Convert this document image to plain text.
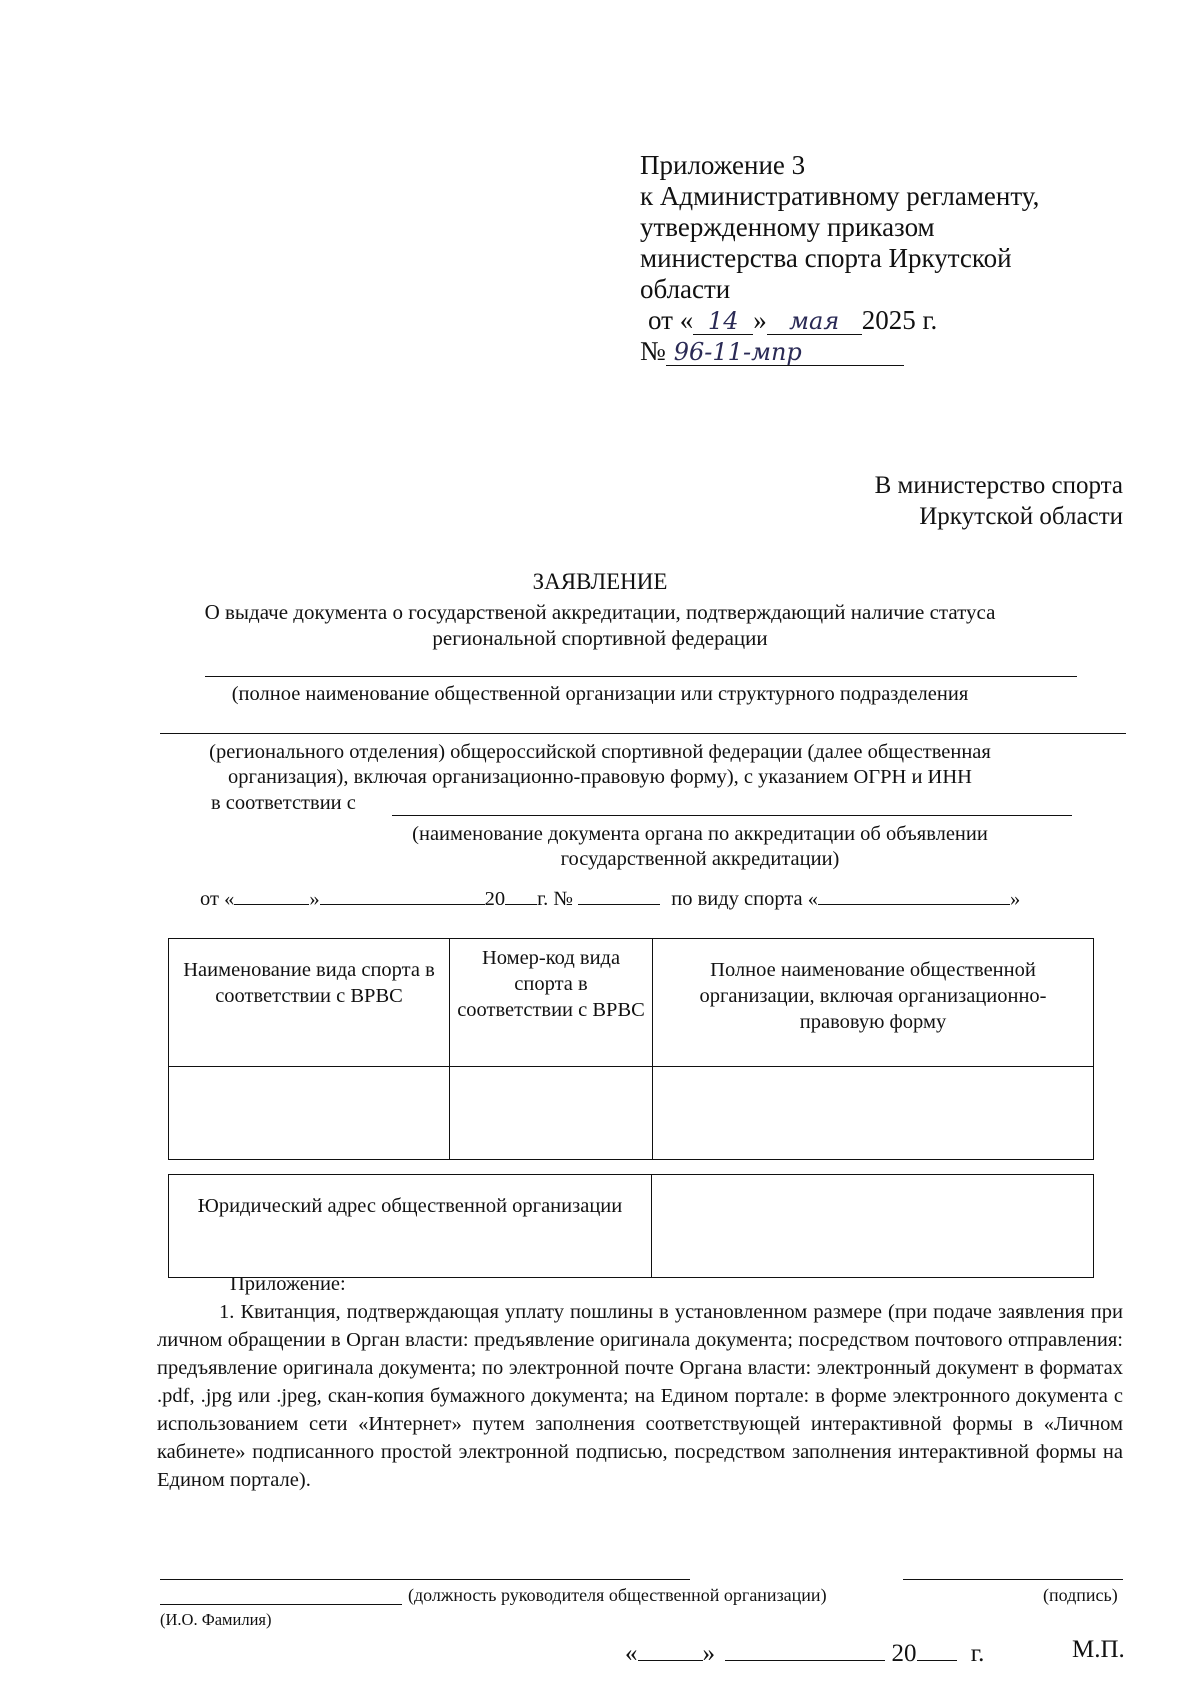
Приложение 3
к Административному регламенту,
утвержденному приказом
министерства спорта Иркутской
области
от « 14 » мая 2025 г.
№ 96-11-мпр
В министерство спорта
Иркутской области
ЗАЯВЛЕНИЕ
О выдаче документа о государственой аккредитации, подтверждающий наличие статуса
региональной спортивной федерации
(полное наименование общественной организации или структурного подразделения
(регионального отделения) общероссийской спортивной федерации (далее общественная
организация), включая организационно-правовую форму), с указанием ОГРН и ИНН
в соответствии с
(наименование документа органа по аккредитации об объявлении
государственной аккредитации)
от «	»	20 г. №	по виду спорта «	»
Наименование вида спорта в соответствии с ВРВС	Номер-код вида спорта в соответствии с ВРВС	Полное наименование общественной организации, включая организационно-правовую форму

Юридический адрес общественной организации	
Приложение:
1. Квитанция, подтверждающая уплату пошлины в установленном размере (при подаче заявления при личном обращении в Орган власти: предъявление оригинала документа; посредством почтового отправления: предъявление оригинала документа; по электронной почте Органа власти: электронный документ в форматах .pdf, .jpg или .jpeg, скан-копия бумажного документа; на Едином портале: в форме электронного документа с использованием сети «Интернет» путем заполнения соответствующей интерактивной формы в «Личном кабинете» подписанного простой электронной подписью, посредством заполнения интерактивной формы на Едином портале).
(должность руководителя общественной организации)	(подпись)
(И.О. Фамилия)
«	»	20 г.	М.П.
